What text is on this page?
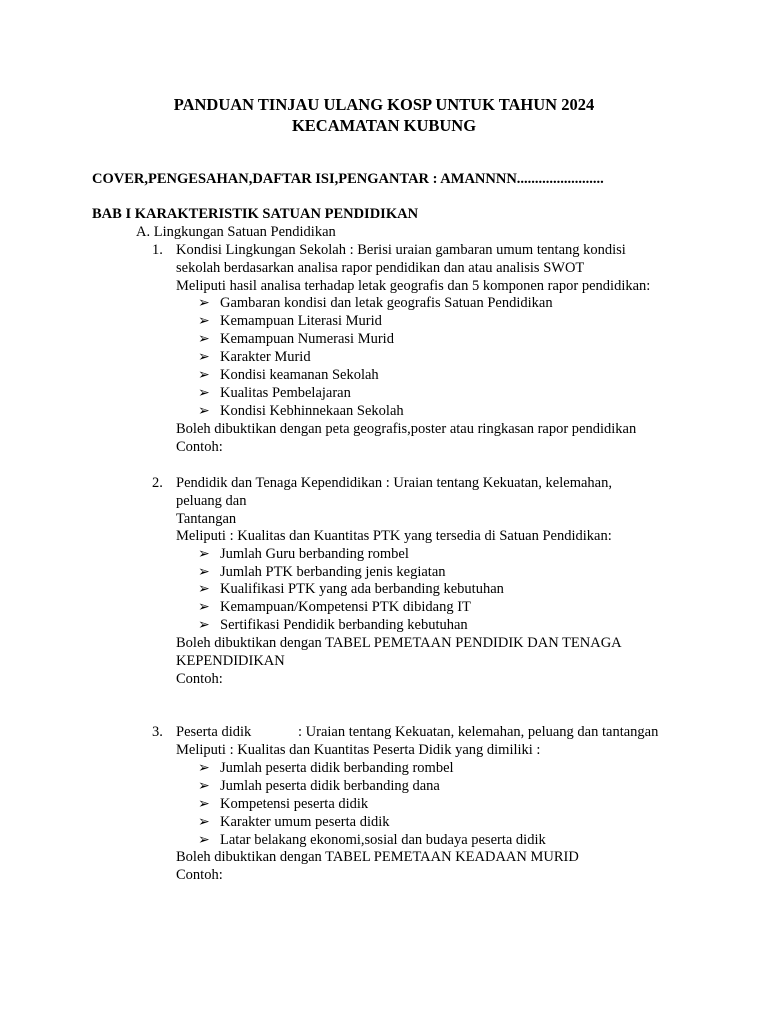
PANDUAN TINJAU ULANG KOSP UNTUK TAHUN 2024
KECAMATAN KUBUNG
COVER,PENGESAHAN,DAFTAR ISI,PENGANTAR : AMANNNN........................
BAB I KARAKTERISTIK SATUAN PENDIDIKAN
A. Lingkungan Satuan Pendidikan
1. Kondisi Lingkungan Sekolah : Berisi uraian gambaran umum tentang kondisi
sekolah berdasarkan analisa rapor pendidikan dan atau analisis SWOT
Meliputi hasil analisa terhadap letak geografis dan 5 komponen rapor pendidikan:
➢ Gambaran kondisi dan letak geografis Satuan Pendidikan
➢ Kemampuan Literasi Murid
➢ Kemampuan Numerasi Murid
➢ Karakter Murid
➢ Kondisi keamanan Sekolah
➢ Kualitas Pembelajaran
➢ Kondisi Kebhinnekaan Sekolah
Boleh dibuktikan dengan peta geografis,poster atau ringkasan rapor pendidikan
Contoh:
2. Pendidik dan Tenaga Kependidikan : Uraian tentang Kekuatan, kelemahan,
peluang dan
Tantangan
Meliputi : Kualitas dan Kuantitas PTK yang tersedia di Satuan Pendidikan:
➢ Jumlah Guru berbanding rombel
➢ Jumlah PTK berbanding jenis kegiatan
➢ Kualifikasi PTK yang ada berbanding kebutuhan
➢ Kemampuan/Kompetensi PTK dibidang IT
➢ Sertifikasi Pendidik berbanding kebutuhan
Boleh dibuktikan dengan TABEL PEMETAAN PENDIDIK DAN TENAGA
KEPENDIDIKAN
Contoh:
3. Peserta didik	: Uraian tentang Kekuatan, kelemahan, peluang dan tantangan
Meliputi : Kualitas dan Kuantitas Peserta Didik yang dimiliki :
➢ Jumlah peserta didik berbanding rombel
➢ Jumlah peserta didik berbanding dana
➢ Kompetensi peserta didik
➢ Karakter umum peserta didik
➢ Latar belakang ekonomi,sosial dan budaya peserta didik
Boleh dibuktikan dengan TABEL PEMETAAN KEADAAN MURID
Contoh:
